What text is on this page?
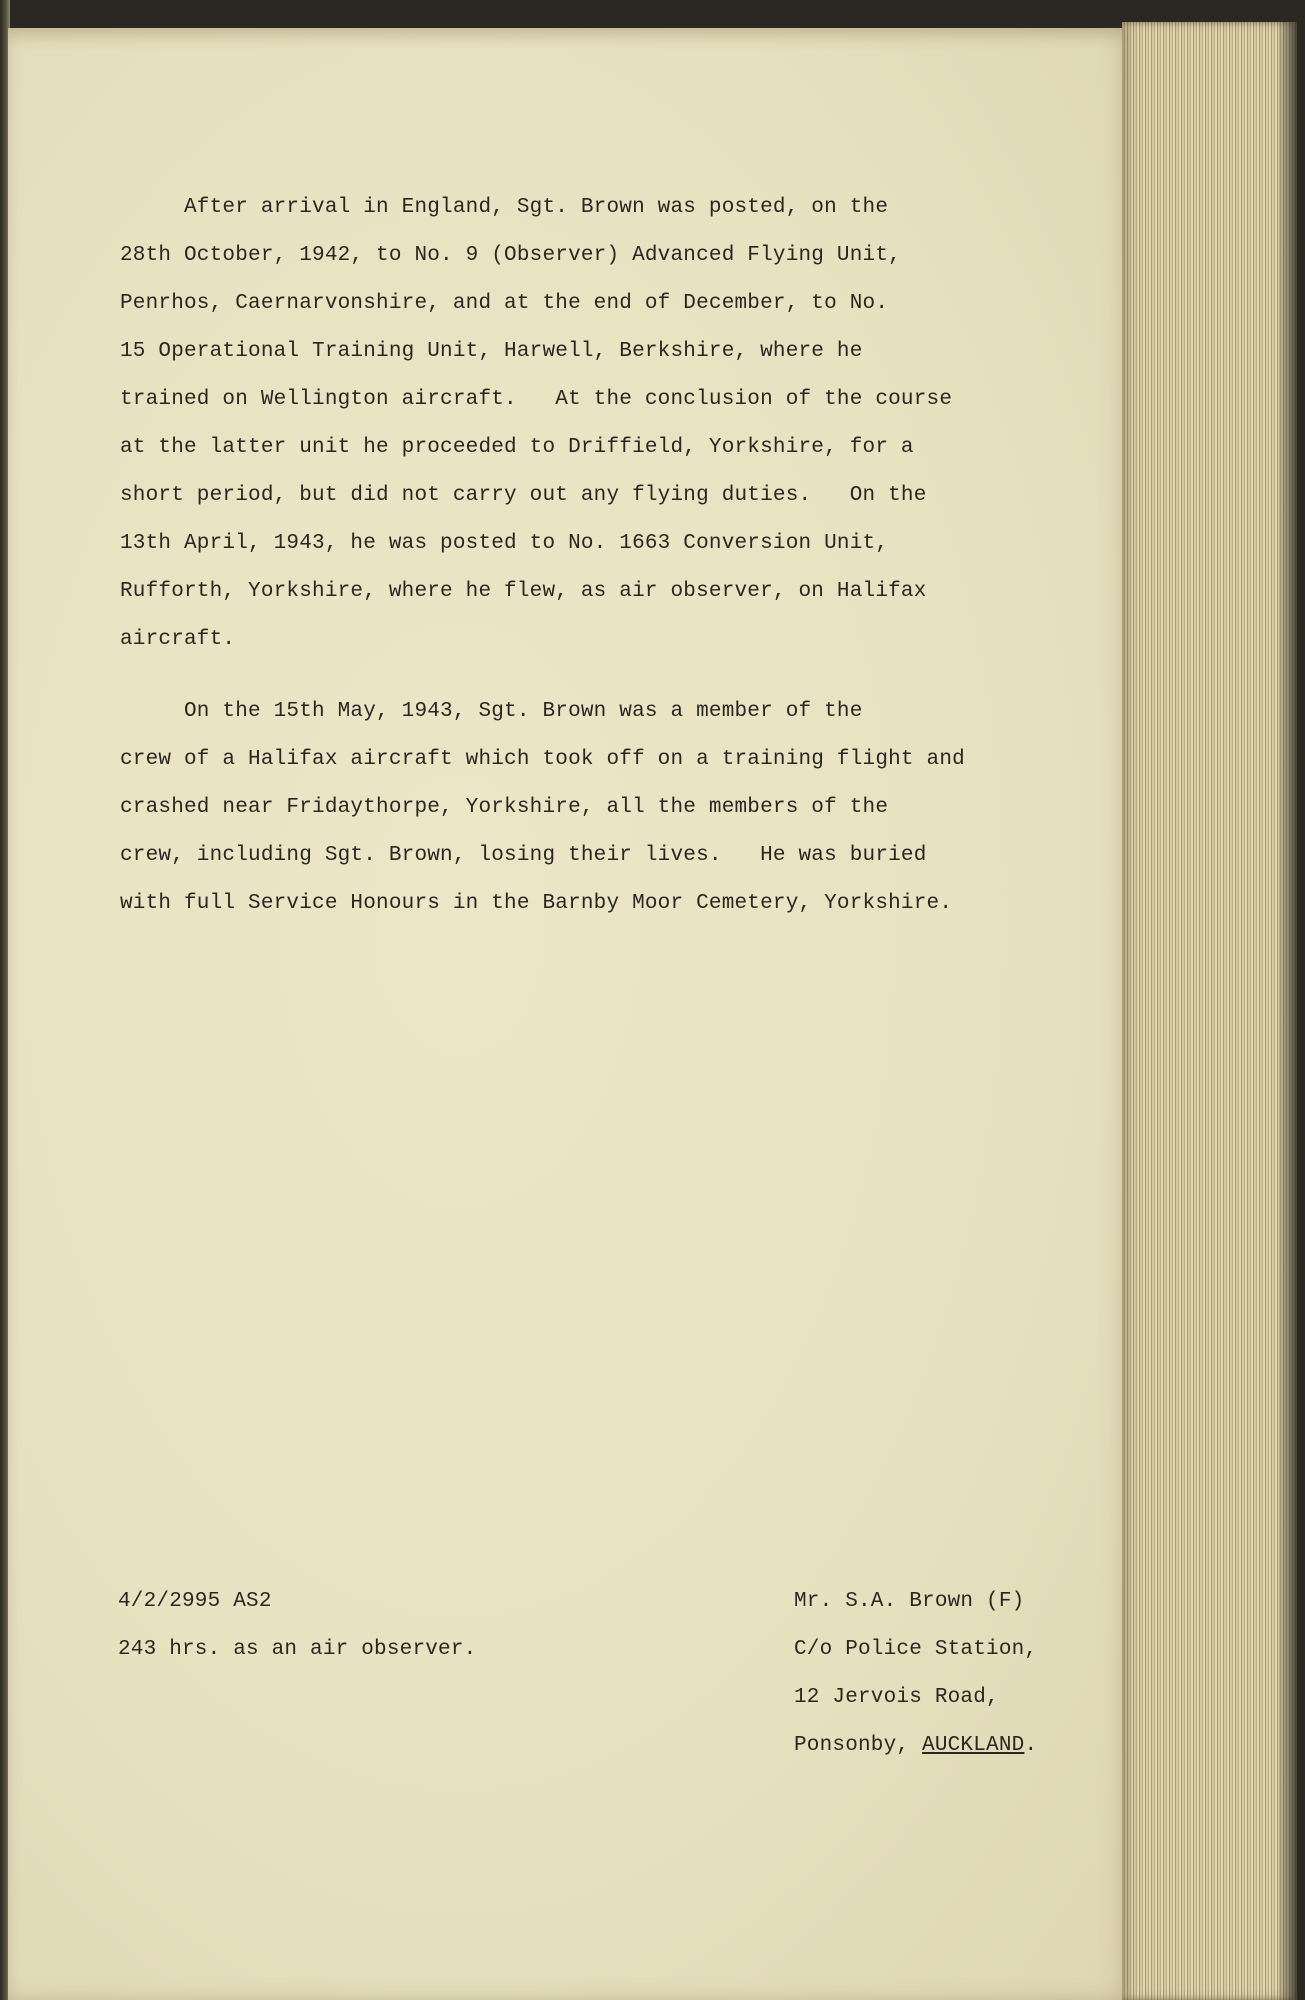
After arrival in England, Sgt. Brown was posted, on the
28th October, 1942, to No. 9 (Observer) Advanced Flying Unit,
Penrhos, Caernarvonshire, and at the end of December, to No.
15 Operational Training Unit, Harwell, Berkshire, where he
trained on Wellington aircraft.   At the conclusion of the course
at the latter unit he proceeded to Driffield, Yorkshire, for a
short period, but did not carry out any flying duties.   On the
13th April, 1943, he was posted to No. 1663 Conversion Unit,
Rufforth, Yorkshire, where he flew, as air observer, on Halifax
aircraft.
On the 15th May, 1943, Sgt. Brown was a member of the
crew of a Halifax aircraft which took off on a training flight and
crashed near Fridaythorpe, Yorkshire, all the members of the
crew, including Sgt. Brown, losing their lives.   He was buried
with full Service Honours in the Barnby Moor Cemetery, Yorkshire.
4/2/2995 AS2
243 hrs. as an air observer.
Mr. S.A. Brown (F)
C/o Police Station,
12 Jervois Road,
Ponsonby, AUCKLAND.
